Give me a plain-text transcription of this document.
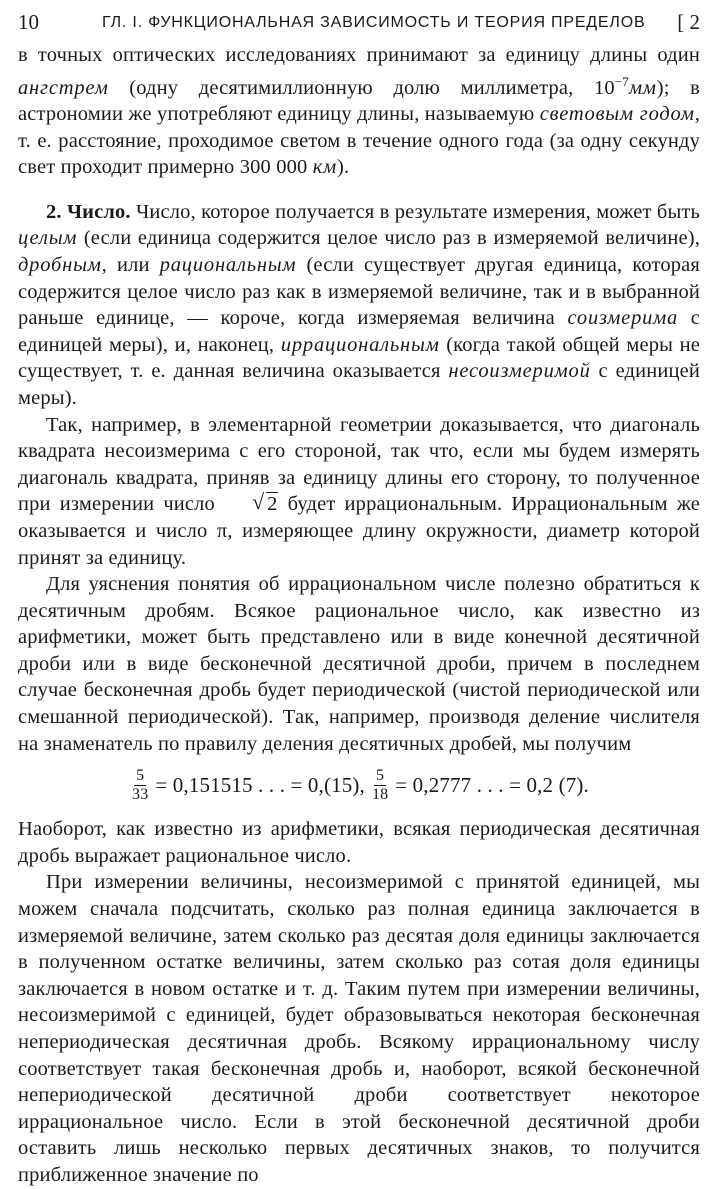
10	ГЛ. I. ФУНКЦИОНАЛЬНАЯ ЗАВИСИМОСТЬ И ТЕОРИЯ ПРЕДЕЛОВ [ 2

в точных оптических исследованиях принимают за единицу длины один ангстрем (одну десятимиллионную долю миллиметра, $10^{-7}мм$); в астрономии же употребляют единицу длины, называемую световым годом, т. е. расстояние, проходимое светом в течение одного года (за одну секунду свет проходит примерно 300 000 км).

2. Число. Число, которое получается в результате измерения, может быть целым (если единица содержится целое число раз в измеряемой величине), дробным, или рациональным (если существует другая единица, которая содержится целое число раз как в измеряемой величине, так и в выбранной раньше единице, — короче, когда измеряемая величина соизмерима с единицей меры), и, наконец, иррациональным (когда такой общей меры не существует, т. е. данная величина оказывается несоизмеримой с единицей меры).

Так, например, в элементарной геометрии доказывается, что диагональ квадрата несоизмерима с его стороной, так что, если мы будем измерять диагональ квадрата, приняв за единицу длины его сторону, то полученное при измерении число	√ 2 будет иррациональным. Иррациональным же оказывается и число π, измеряющее длину окружности, диаметр которой принят за единицу.

Для уяснения понятия об иррациональном числе полезно обратиться к десятичным дробям. Всякое рациональное число, как известно из арифметики, может быть представлено или в виде конечной десятичной дроби или в виде бесконечной десятичной дроби, причем в последнем случае бесконечная дробь будет периодической (чистой периодической или смешанной периодической). Так, например, производя деление числителя на знаменатель по правилу деления десятичных дробей, мы получим

$\frac{5}{33} = 0,151515$ . . . = 0,(15), $\frac{5}{18} = 0,2777$ . . . = 0,2 (7).

Наоборот, как известно из арифметики, всякая периодическая десятичная дробь выражает рациональное число.

При измерении величины, несоизмеримой с принятой единицей, мы можем сначала подсчитать, сколько раз полная единица заключается в измеряемой величине, затем сколько раз десятая доля единицы заключается в полученном остатке величины, затем сколько раз сотая доля единицы заключается в новом остатке и т. д. Таким путем при измерении величины, несоизмеримой с единицей, будет образовываться некоторая бесконечная непериодическая десятичная дробь. Всякому иррациональному числу соответствует такая бесконечная дробь и, наоборот, всякой бесконечной непериодической десятичной дроби соответствует некоторое иррациональное число. Если в этой бесконечной десятичной дроби оставить лишь несколько первых десятичных знаков, то получится приближенное значение по
